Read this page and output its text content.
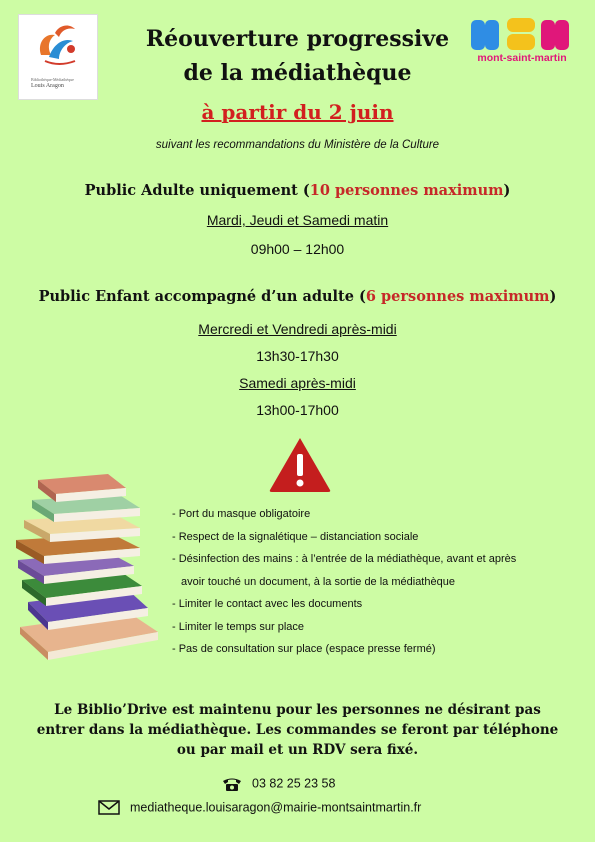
Bibliothèque-Médiathèque
Louis Aragon
mont-saint-martin
Réouverture progressive
de la médiathèque
à partir du 2 juin
suivant les recommandations du Ministère de la Culture
Public Adulte uniquement (10 personnes maximum)
Mardi, Jeudi et Samedi matin
09h00 – 12h00
Public Enfant accompagné d’un adulte (6 personnes maximum)
Mercredi et Vendredi après-midi
13h30-17h30
Samedi après-midi
13h00-17h00
- Port du masque obligatoire
- Respect de la signalétique – distanciation sociale
- Désinfection des mains : à l’entrée de la médiathèque, avant et après
avoir touché un document, à la sortie de la médiathèque
- Limiter le contact avec les documents
- Limiter le temps sur place
- Pas de consultation sur place (espace presse fermé)
Le Biblio’Drive est maintenu pour les personnes ne désirant pas entrer dans la médiathèque. Les commandes se feront par téléphone ou par mail et un RDV sera fixé.
03 82 25 23 58
mediatheque.louisaragon@mairie-montsaintmartin.fr
